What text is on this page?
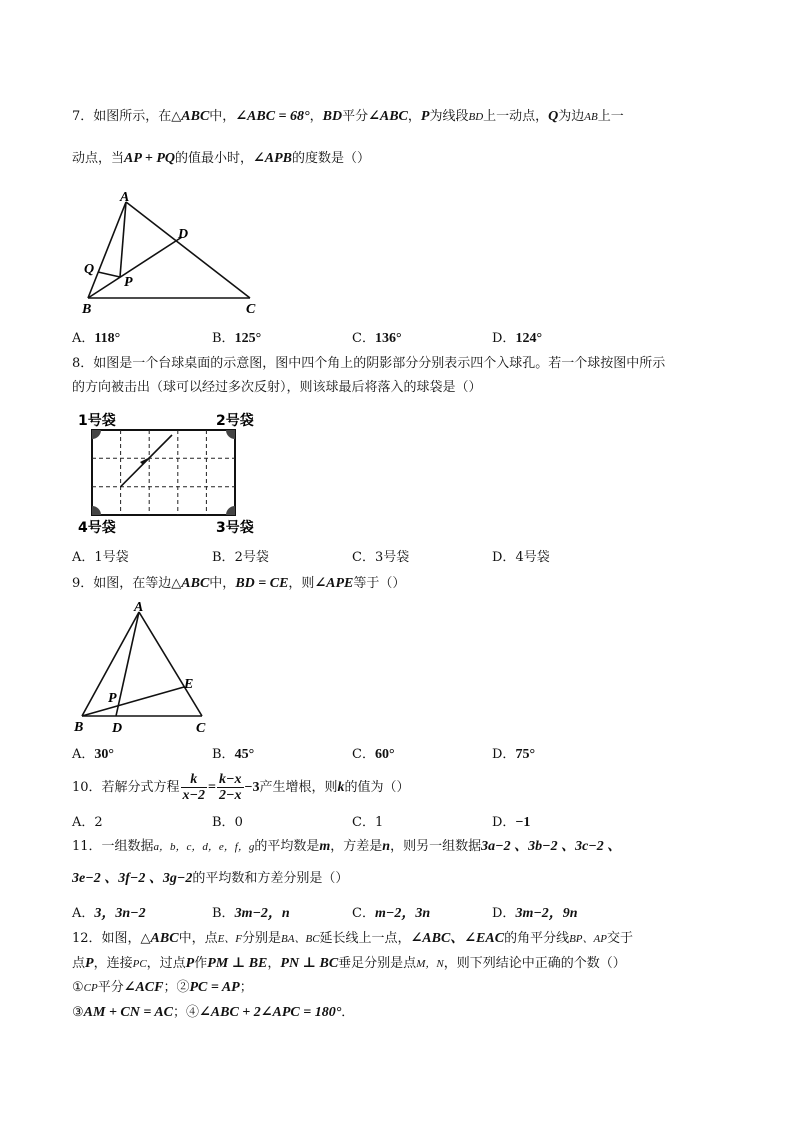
7．如图所示，在△ABC中，∠ABC = 68°，BD平分∠ABC，P为线段BD上一动点，Q为边AB上一
动点，当AP + PQ的值最小时，∠APB的度数是（）
A
B	C
D
P
Q
A．118°	B．125°	C．136°	D．124°
8．如图是一个台球桌面的示意图，图中四个角上的阴影部分分别表示四个入球孔。若一个球按图中所示
的方向被击出（球可以经过多次反射），则该球最后将落入的球袋是（）
1号袋	2号袋
4号袋	3号袋
A．1号袋	B．2号袋	C．3号袋	D．4号袋
9．如图，在等边△ABC中，BD = CE，则∠APE等于（）
A
B	C
D
E
P
A．30°	B．45°	C．60°	D．75°
10．若解分式方程 $\frac{k}{x-2} = \frac{k-x}{2-x} -3$产生增根，则k的值为（）
A．2	B．0	C．1	D．−1
11．一组数据a，b，c，d，e，f，g的平均数是m，方差是n，则另一组数据3a−2 、3b−2 、3c−2 、
3e−2 、3f−2 、3g−2的平均数和方差分别是（）
A．3，3n−2	B．3m−2，n	C．m−2，3n	D．3m−2，9n
12．如图，△ABC中，点E、F分别是BA、BC延长线上一点，∠ABC、∠EAC的角平分线BP、AP交于
点P，连接PC，过点P作PM ⊥ BE，PN ⊥ BC垂足分别是点M，N，则下列结论中正确的个数（）
①CP平分∠ACF；②PC = AP；
③AM + CN = AC；④∠ABC + 2∠APC = 180°．
